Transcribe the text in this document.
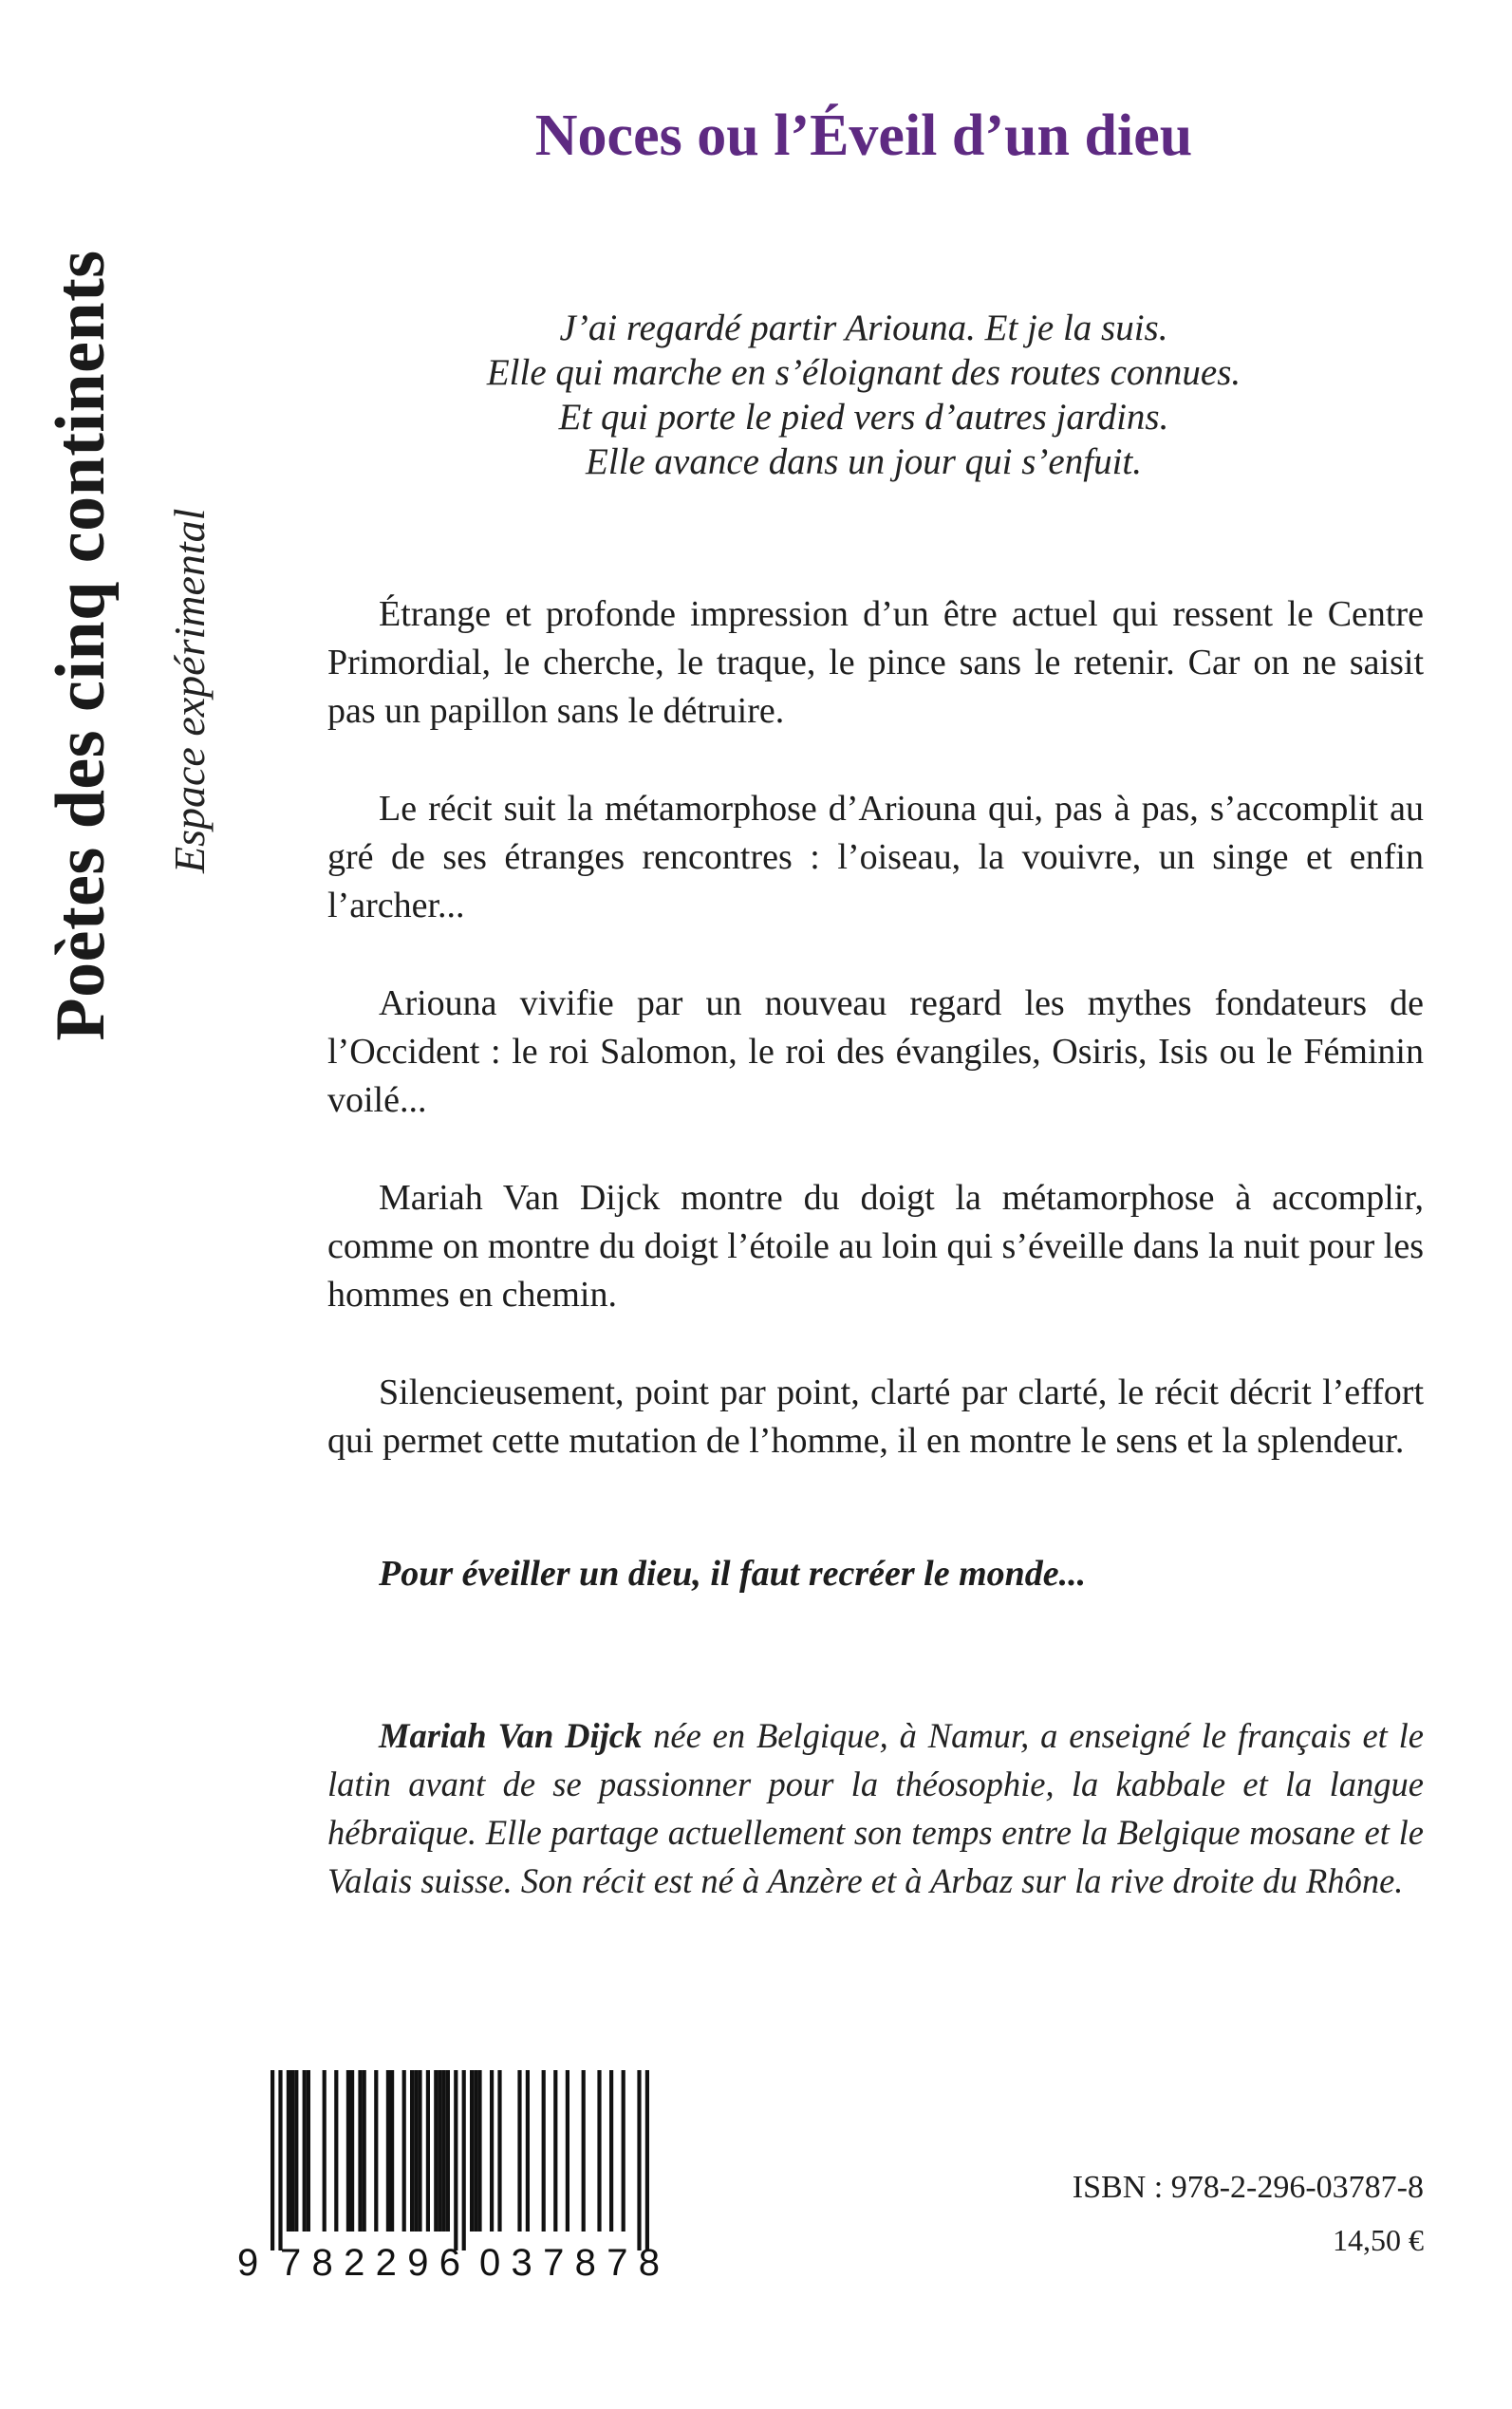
Poètes des cinq continents Espace expérimental
Noces ou l’Éveil d’un dieu
J’ai regardé partir Ariouna. Et je la suis.
Elle qui marche en s’éloignant des routes connues.
Et qui porte le pied vers d’autres jardins.
Elle avance dans un jour qui s’enfuit.

Étrange et profonde impression d’un être actuel qui ressent le Centre Primordial, le cherche, le traque, le pince sans le retenir. Car on ne saisit pas un papillon sans le détruire.

Le récit suit la métamorphose d’Ariouna qui, pas à pas, s’accomplit au gré de ses étranges rencontres : l’oiseau, la vouivre, un singe et enfin l’archer...

Ariouna vivifie par un nouveau regard les mythes fondateurs de l’Occident : le roi Salomon, le roi des évangiles, Osiris, Isis ou le Féminin voilé...

Mariah Van Dijck montre du doigt la métamorphose à accomplir, comme on montre du doigt l’étoile au loin qui s’éveille dans la nuit pour les hommes en chemin.

Silencieusement, point par point, clarté par clarté, le récit décrit l’effort qui permet cette mutation de l’homme, il en montre le sens et la splendeur.

Pour éveiller un dieu, il faut recréer le monde...
Mariah Van Dijck née en Belgique, à Namur, a enseigné le français et le latin avant de se passionner pour la théosophie, la kabbale et la langue hébraïque. Elle partage actuellement son temps entre la Belgique mosane et le Valais suisse. Son récit est né à Anzère et à Arbaz sur la rive droite du Rhône.
9 782296 037878
ISBN : 978-2-296-03787-8
14,50 €
